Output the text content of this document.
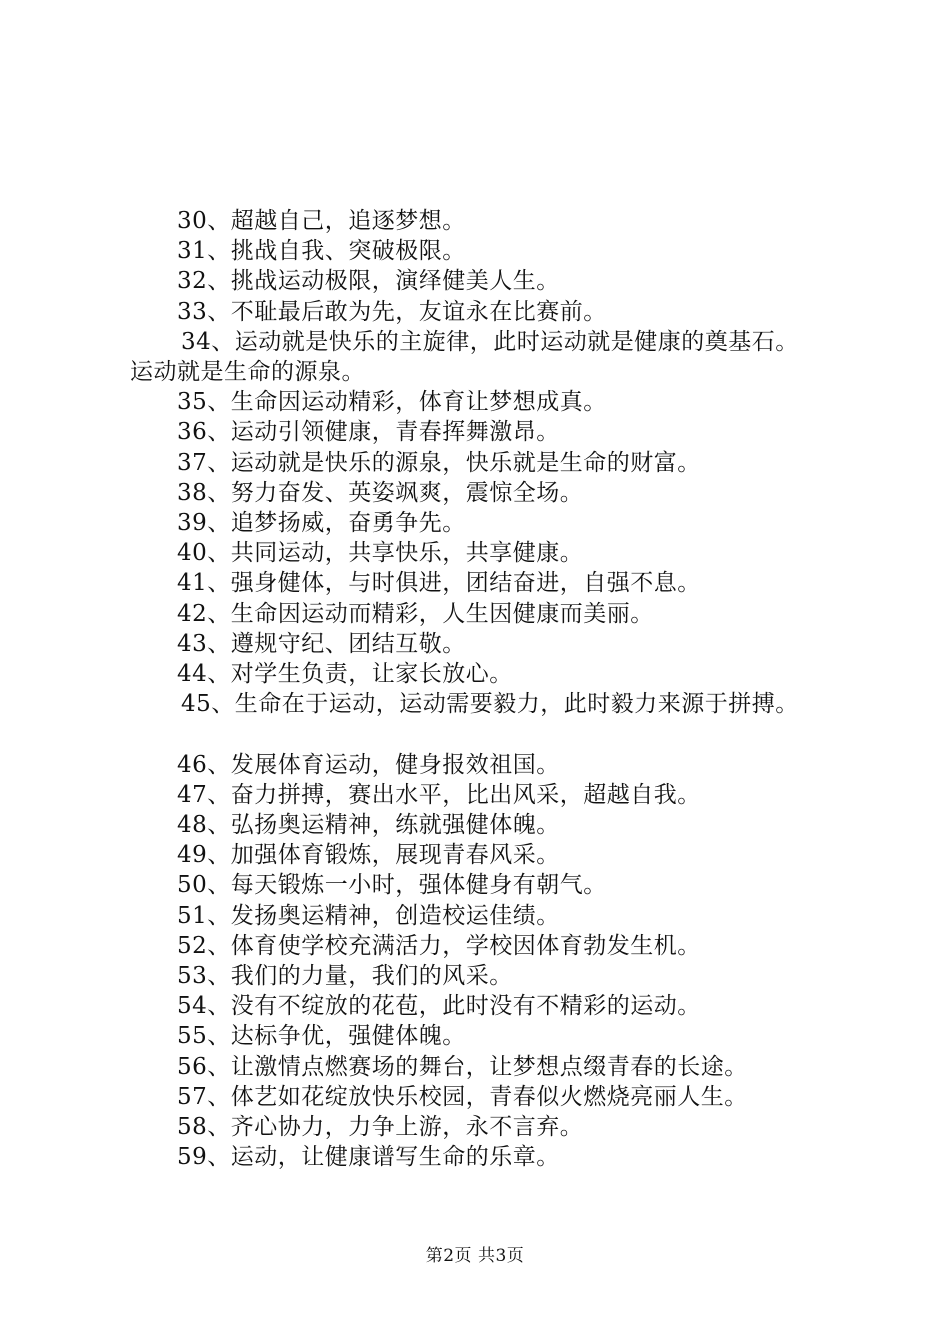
30、超越自己，追逐梦想。
31、挑战自我、突破极限。
32、挑战运动极限，演绎健美人生。
33、不耻最后敢为先，友谊永在比赛前。
34、运动就是快乐的主旋律，此时运动就是健康的奠基石。
运动就是生命的源泉。
35、生命因运动精彩，体育让梦想成真。
36、运动引领健康，青春挥舞激昂。
37、运动就是快乐的源泉，快乐就是生命的财富。
38、努力奋发、英姿飒爽，震惊全场。
39、追梦扬威，奋勇争先。
40、共同运动，共享快乐，共享健康。
41、强身健体，与时俱进，团结奋进，自强不息。
42、生命因运动而精彩，人生因健康而美丽。
43、遵规守纪、团结互敬。
44、对学生负责，让家长放心。
45、生命在于运动，运动需要毅力，此时毅力来源于拼搏。
46、发展体育运动，健身报效祖国。
47、奋力拼搏，赛出水平，比出风采，超越自我。
48、弘扬奥运精神，练就强健体魄。
49、加强体育锻炼，展现青春风采。
50、每天锻炼一小时，强体健身有朝气。
51、发扬奥运精神，创造校运佳绩。
52、体育使学校充满活力，学校因体育勃发生机。
53、我们的力量，我们的风采。
54、没有不绽放的花苞，此时没有不精彩的运动。
55、达标争优，强健体魄。
56、让激情点燃赛场的舞台，让梦想点缀青春的长途。
57、体艺如花绽放快乐校园，青春似火燃烧亮丽人生。
58、齐心协力，力争上游，永不言弃。
59、运动，让健康谱写生命的乐章。
第2页 共3页
